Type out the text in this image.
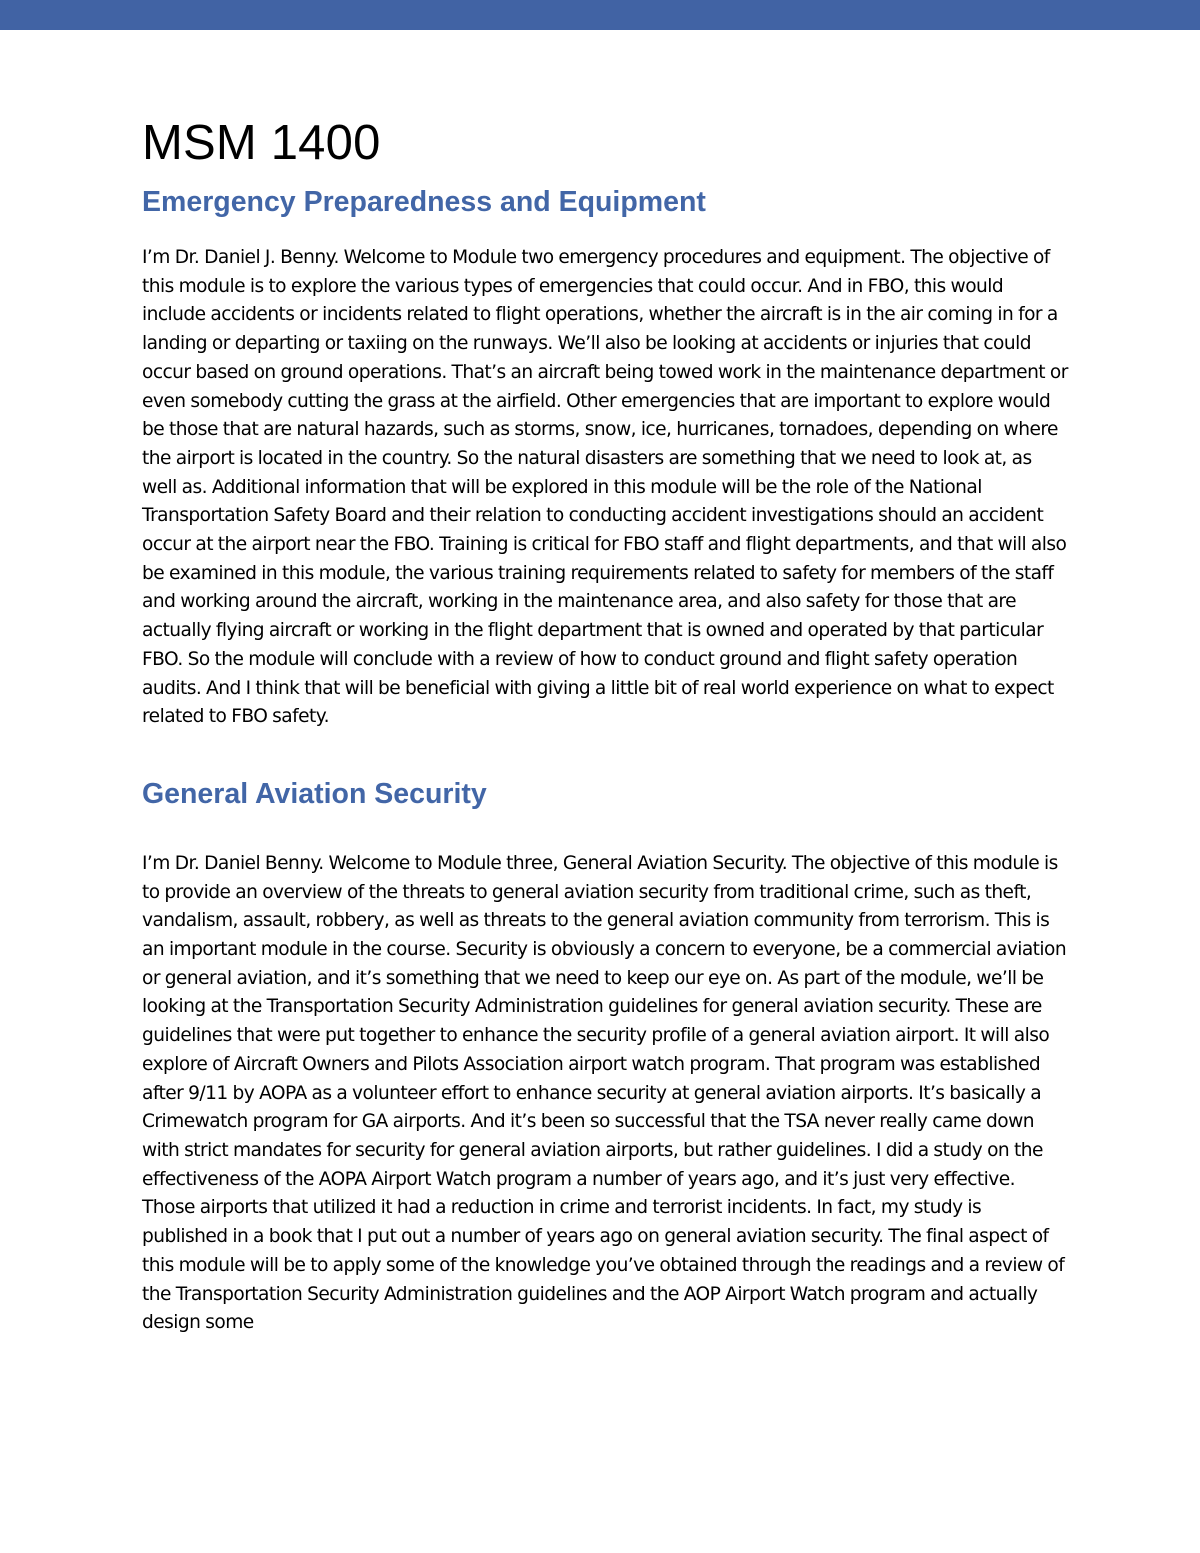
MSM 1400
Emergency Preparedness and Equipment

I’m Dr. Daniel J. Benny. Welcome to Module two emergency procedures and equipment. The objective of this module is to explore the various types of emergencies that could occur. And in FBO, this would include accidents or incidents related to flight operations, whether the aircraft is in the air coming in for a landing or departing or taxiing on the runways. We’ll also be looking at accidents or injuries that could occur based on ground operations. That’s an aircraft being towed work in the maintenance department or even somebody cutting the grass at the airfield. Other emergencies that are important to explore would be those that are natural hazards, such as storms, snow, ice, hurricanes, tornadoes, depending on where the airport is located in the country. So the natural disasters are something that we need to look at, as well as. Additional information that will be explored in this module will be the role of the National Transportation Safety Board and their relation to conducting accident investigations should an accident occur at the airport near the FBO. Training is critical for FBO staff and flight departments, and that will also be examined in this module, the various training requirements related to safety for members of the staff and working around the aircraft, working in the maintenance area, and also safety for those that are actually flying aircraft or working in the flight department that is owned and operated by that particular FBO. So the module will conclude with a review of how to conduct ground and flight safety operation audits. And I think that will be beneficial with giving a little bit of real world experience on what to expect related to FBO safety.

General Aviation Security

I’m Dr. Daniel Benny. Welcome to Module three, General Aviation Security. The objective of this module is to provide an overview of the threats to general aviation security from traditional crime, such as theft, vandalism, assault, robbery, as well as threats to the general aviation community from terrorism. This is an important module in the course. Security is obviously a concern to everyone, be a commercial aviation or general aviation, and it’s something that we need to keep our eye on. As part of the module, we’ll be looking at the Transportation Security Administration guidelines for general aviation security. These are guidelines that were put together to enhance the security profile of a general aviation airport. It will also explore of Aircraft Owners and Pilots Association airport watch program. That program was established after 9/11 by AOPA as a volunteer effort to enhance security at general aviation airports. It’s basically a Crimewatch program for GA airports. And it’s been so successful that the TSA never really came down with strict mandates for security for general aviation airports, but rather guidelines. I did a study on the effectiveness of the AOPA Airport Watch program a number of years ago, and it’s just very effective. Those airports that utilized it had a reduction in crime and terrorist incidents. In fact, my study is published in a book that I put out a number of years ago on general aviation security. The final aspect of this module will be to apply some of the knowledge you’ve obtained through the readings and a review of the Transportation Security Administration guidelines and the AOP Airport Watch program and actually design some
